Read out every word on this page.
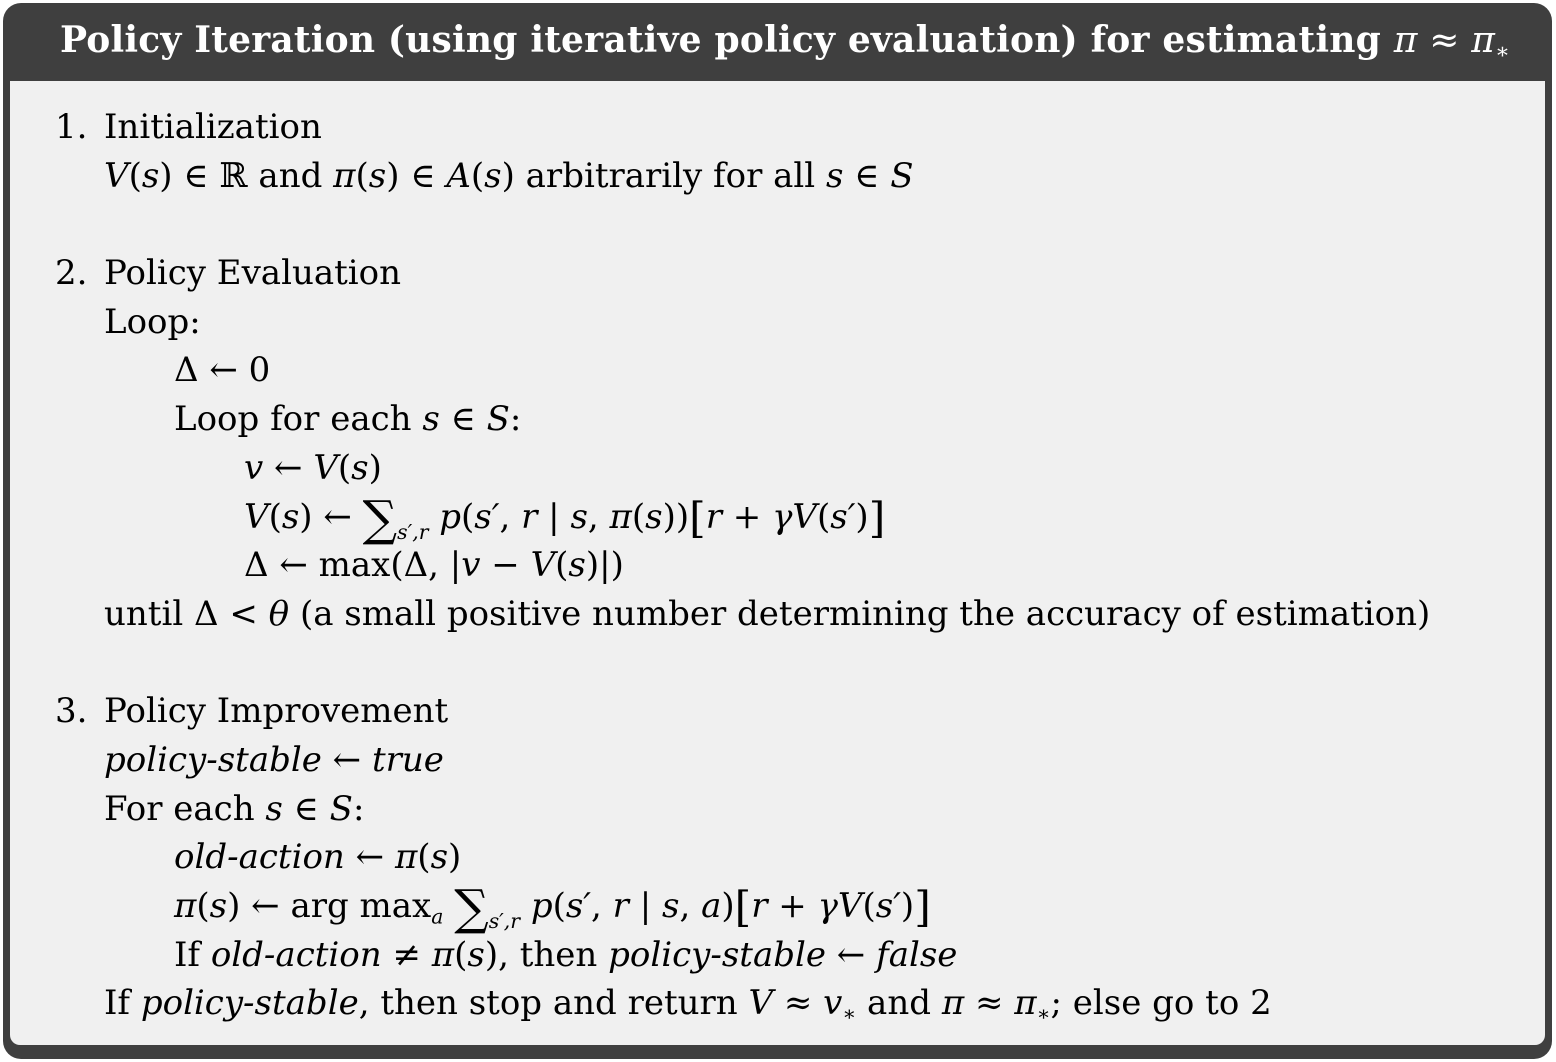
Policy Iteration (using iterative policy evaluation) for estimating π ≈ π∗
1. Initialization
V(s) ∈ ℝ and π(s) ∈ A(s) arbitrarily for all s ∈ S
2. Policy Evaluation
Loop:
Δ ← 0
Loop for each s ∈ S:
v ← V(s)
V(s) ← $\sum_{s',r}$ p(s′, r | s, π(s))[r + γV(s′)]
Δ ← max(Δ, |v − V(s)|)
until Δ < θ (a small positive number determining the accuracy of estimation)
3. Policy Improvement
policy-stable ← true
For each s ∈ S:
old-action ← π(s)
π(s) ← arg maxa $\sum_{s',r}$ p(s′, r | s, a)[r + γV(s′)]
If old-action ≠ π(s), then policy-stable ← false
If policy-stable, then stop and return V ≈ v∗ and π ≈ π∗; else go to 2
